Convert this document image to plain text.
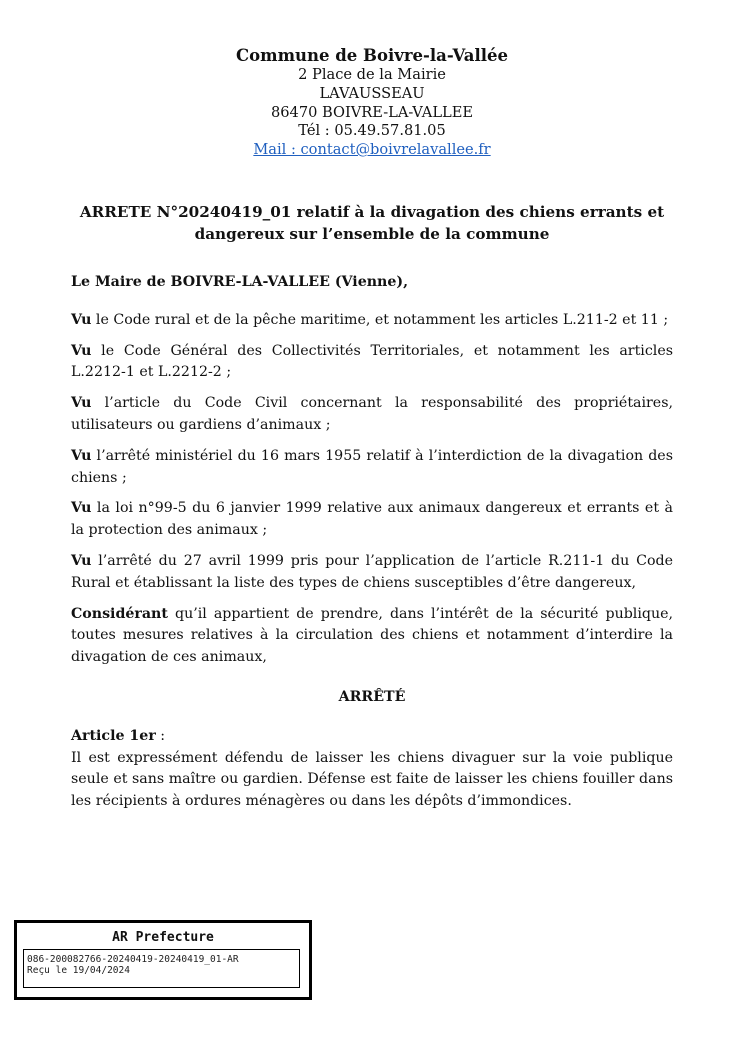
Commune de Boivre-la-Vallée
2 Place de la Mairie
LAVAUSSEAU
86470 BOIVRE-LA-VALLEE
Tél : 05.49.57.81.05
Mail : contact@boivrelavallee.fr
ARRETE N°20240419_01 relatif à la divagation des chiens errants et
dangereux sur l’ensemble de la commune

Le Maire de BOIVRE-LA-VALLEE (Vienne),

Vu le Code rural et de la pêche maritime, et notamment les articles L.211-2 et 11 ;

Vu le Code Général des Collectivités Territoriales, et notamment les articles L.2212-1 et L.2212-2 ;

Vu l’article du Code Civil concernant la responsabilité des propriétaires, utilisateurs ou gardiens d’animaux ;

Vu l’arrêté ministériel du 16 mars 1955 relatif à l’interdiction de la divagation des chiens ;

Vu la loi n°99-5 du 6 janvier 1999 relative aux animaux dangereux et errants et à la protection des animaux ;

Vu l’arrêté du 27 avril 1999 pris pour l’application de l’article R.211-1 du Code Rural et établissant la liste des types de chiens susceptibles d’être dangereux,

Considérant qu’il appartient de prendre, dans l’intérêt de la sécurité publique, toutes mesures relatives à la circulation des chiens et notamment d’interdire la divagation de ces animaux,

ARRÊTÉ

Article 1er :

Il est expressément défendu de laisser les chiens divaguer sur la voie publique seule et sans maître ou gardien. Défense est faite de laisser les chiens fouiller dans les récipients à ordures ménagères ou dans les dépôts d’immondices.

AR Prefecture
086-200082766-20240419-20240419_01-AR
Reçu le 19/04/2024
